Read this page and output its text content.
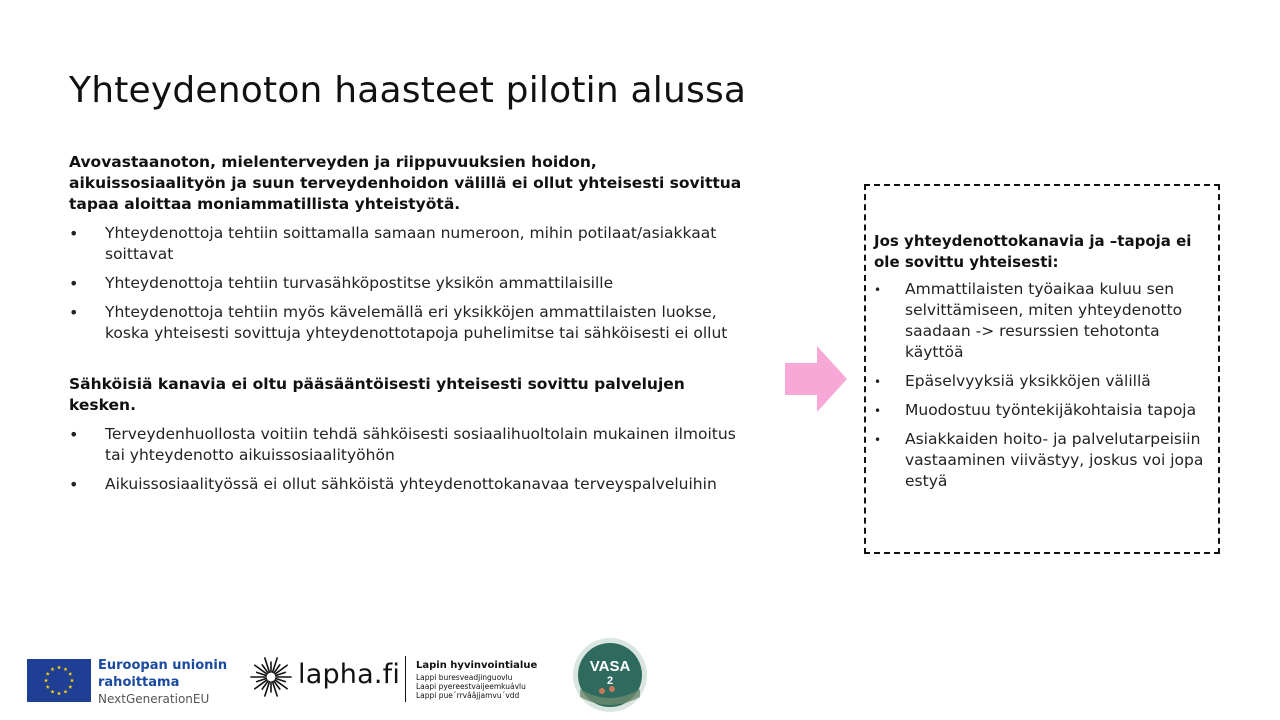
Yhteydenoton haasteet pilotin alussa

Avovastaanoton, mielenterveyden ja riippuvuuksien hoidon, aikuissosiaalityön ja suun terveydenhoidon välillä ei ollut yhteisesti sovittua tapaa aloittaa moniammatillista yhteistyötä.

• Yhteydenottoja tehtiin soittamalla samaan numeroon, mihin potilaat/asiakkaat soittavat
• Yhteydenottoja tehtiin turvasähköpostitse yksikön ammattilaisille
• Yhteydenottoja tehtiin myös kävelemällä eri yksikköjen ammattilaisten luokse, koska yhteisesti sovittuja yhteydenottotapoja puhelimitse tai sähköisesti ei ollut

Sähköisiä kanavia ei oltu pääsääntöisesti yhteisesti sovittu palvelujen kesken.

• Terveydenhuollosta voitiin tehdä sähköisesti sosiaalihuoltolain mukainen ilmoitus tai yhteydenotto aikuissosiaalityöhön
• Aikuissosiaalityössä ei ollut sähköistä yhteydenottokanavaa terveyspalveluihin

Jos yhteydenottokanavia ja –tapoja ei ole sovittu yhteisesti:

• Ammattilaisten työaikaa kuluu sen selvittämiseen, miten yhteydenotto saadaan -> resurssien tehotonta käyttöä
• Epäselvyyksiä yksikköjen välillä
• Muodostuu työntekijäkohtaisia tapoja
• Asiakkaiden hoito- ja palvelutarpeisiin vastaaminen viivästyy, joskus voi jopa estyä
Euroopan unionin
rahoittama
NextGenerationEU
lapha.fi Lapin hyvinvointialue
Lappi buresveadjinguovlu
Laapi pyereestvaijeemkuávlu
Lappi pue´rrvââjjamvu´vdd
VASA
2
